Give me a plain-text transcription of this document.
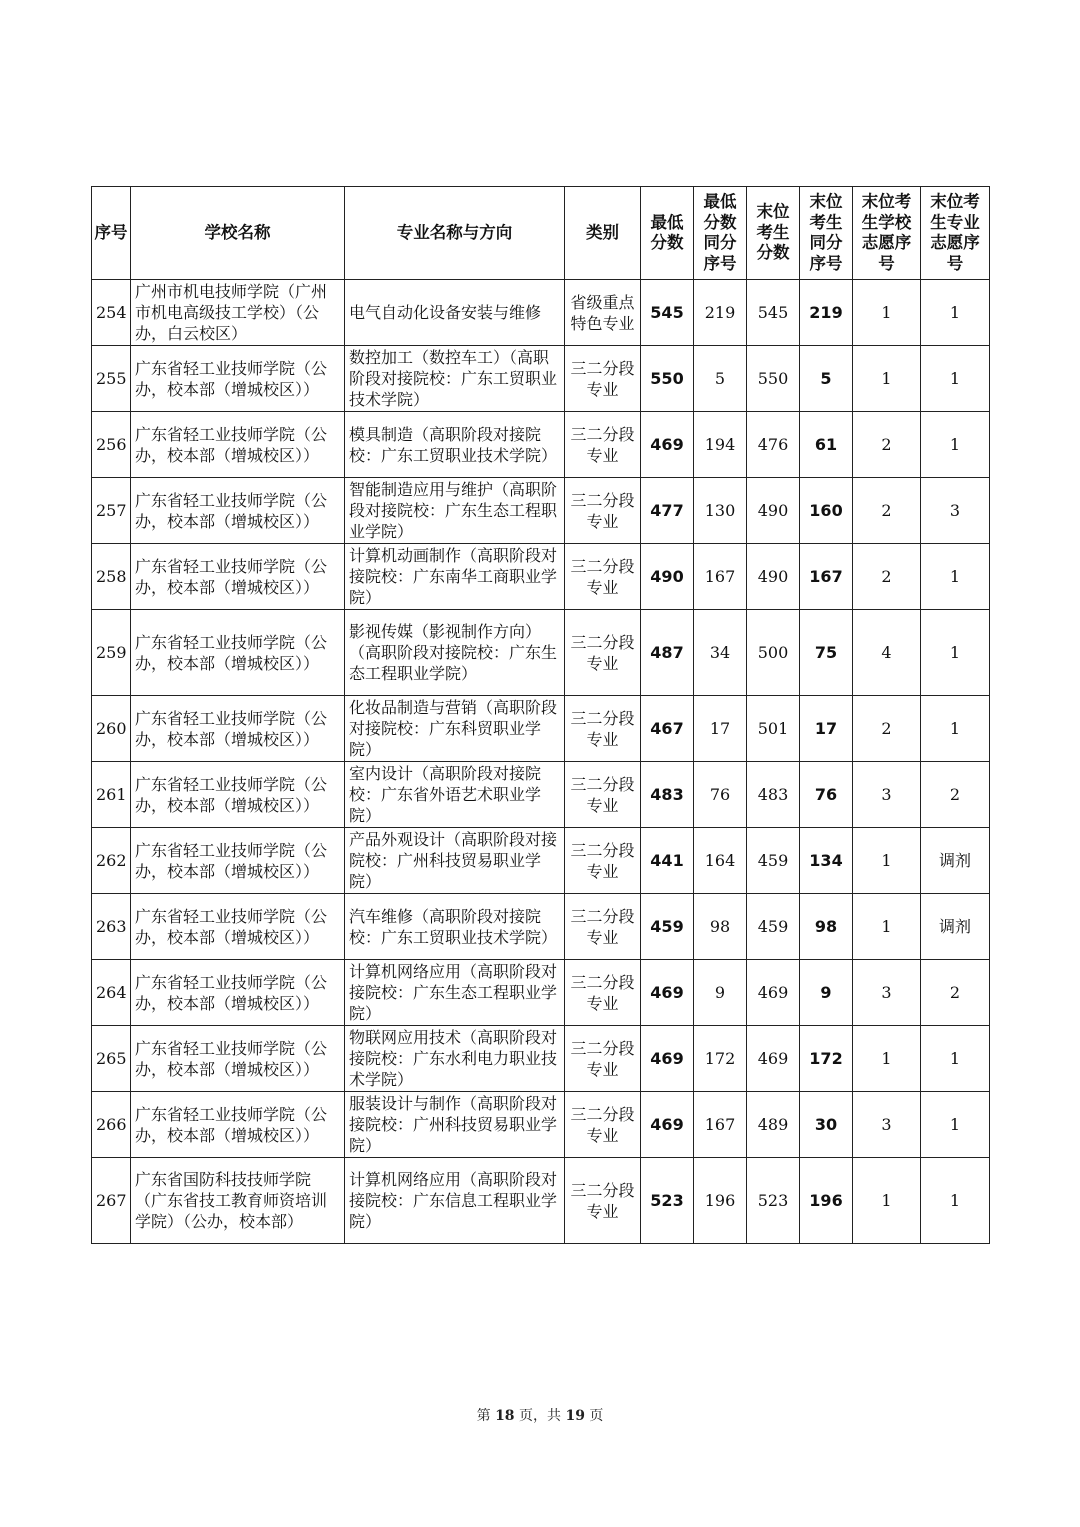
序号	学校名称	专业名称与方向	类别	最低分数	最低分数同分序号	末位考生分数	末位考生同分序号	末位考生学校志愿序号	末位考生专业志愿序号
254	广州市机电技师学院（广州市机电高级技工学校）（公办，白云校区）	电气自动化设备安装与维修	省级重点特色专业	545	219	545	219	1	1
255	广东省轻工业技师学院（公办，校本部（增城校区））	数控加工（数控车工）（高职阶段对接院校：广东工贸职业技术学院）	三二分段专业	550	5	550	5	1	1
256	广东省轻工业技师学院（公办，校本部（增城校区））	模具制造（高职阶段对接院校：广东工贸职业技术学院）	三二分段专业	469	194	476	61	2	1
257	广东省轻工业技师学院（公办，校本部（增城校区））	智能制造应用与维护（高职阶段对接院校：广东生态工程职业学院）	三二分段专业	477	130	490	160	2	3
258	广东省轻工业技师学院（公办，校本部（增城校区））	计算机动画制作（高职阶段对接院校：广东南华工商职业学院）	三二分段专业	490	167	490	167	2	1
259	广东省轻工业技师学院（公办，校本部（增城校区））	影视传媒（影视制作方向）（高职阶段对接院校：广东生态工程职业学院）	三二分段专业	487	34	500	75	4	1
260	广东省轻工业技师学院（公办，校本部（增城校区））	化妆品制造与营销（高职阶段对接院校：广东科贸职业学院）	三二分段专业	467	17	501	17	2	1
261	广东省轻工业技师学院（公办，校本部（增城校区））	室内设计（高职阶段对接院校：广东省外语艺术职业学院）	三二分段专业	483	76	483	76	3	2
262	广东省轻工业技师学院（公办，校本部（增城校区））	产品外观设计（高职阶段对接院校：广州科技贸易职业学院）	三二分段专业	441	164	459	134	1	调剂
263	广东省轻工业技师学院（公办，校本部（增城校区））	汽车维修（高职阶段对接院校：广东工贸职业技术学院）	三二分段专业	459	98	459	98	1	调剂
264	广东省轻工业技师学院（公办，校本部（增城校区））	计算机网络应用（高职阶段对接院校：广东生态工程职业学院）	三二分段专业	469	9	469	9	3	2
265	广东省轻工业技师学院（公办，校本部（增城校区））	物联网应用技术（高职阶段对接院校：广东水利电力职业技术学院）	三二分段专业	469	172	469	172	1	1
266	广东省轻工业技师学院（公办，校本部（增城校区））	服装设计与制作（高职阶段对接院校：广州科技贸易职业学院）	三二分段专业	469	167	489	30	3	1
267	广东省国防科技技师学院（广东省技工教育师资培训学院）（公办，校本部）	计算机网络应用（高职阶段对接院校：广东信息工程职业学院）	三二分段专业	523	196	523	196	1	1
第 18 页，共 19 页
